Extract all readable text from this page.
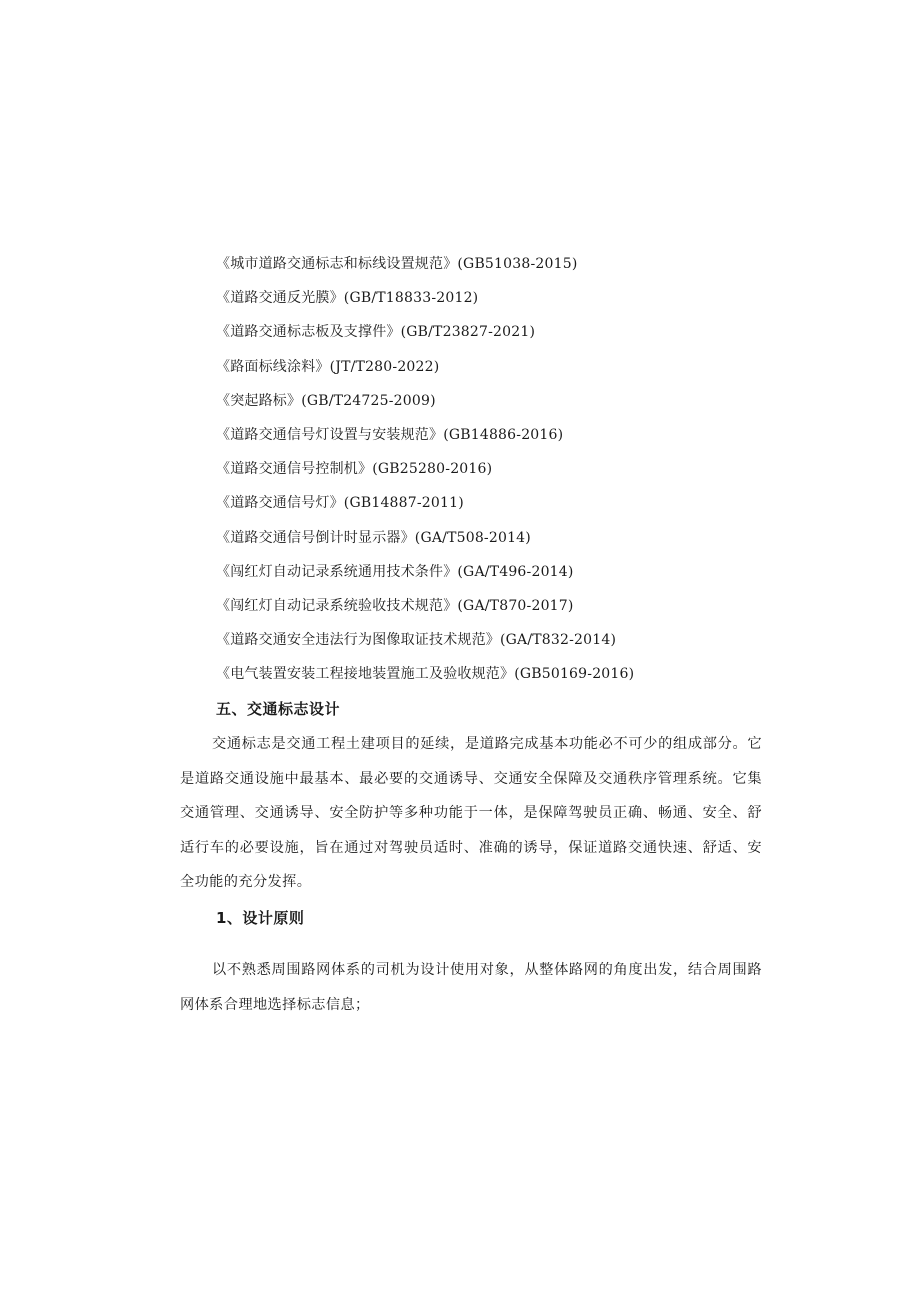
《城市道路交通标志和标线设置规范》(GB51038-2015)
《道路交通反光膜》(GB/T18833-2012)
《道路交通标志板及支撑件》(GB/T23827-2021)
《路面标线涂料》(JT/T280-2022)
《突起路标》(GB/T24725-2009)
《道路交通信号灯设置与安装规范》(GB14886-2016)
《道路交通信号控制机》(GB25280-2016)
《道路交通信号灯》(GB14887-2011)
《道路交通信号倒计时显示器》(GA/T508-2014)
《闯红灯自动记录系统通用技术条件》(GA/T496-2014)
《闯红灯自动记录系统验收技术规范》(GA/T870-2017)
《道路交通安全违法行为图像取证技术规范》(GA/T832-2014)
《电气装置安装工程接地装置施工及验收规范》(GB50169-2016)
五、交通标志设计

交通标志是交通工程土建项目的延续，是道路完成基本功能必不可少的组成部分。它是道路交通设施中最基本、最必要的交通诱导、交通安全保障及交通秩序管理系统。它集交通管理、交通诱导、安全防护等多种功能于一体，是保障驾驶员正确、畅通、安全、舒适行车的必要设施，旨在通过对驾驶员适时、准确的诱导，保证道路交通快速、舒适、安全功能的充分发挥。

1、设计原则

以不熟悉周围路网体系的司机为设计使用对象，从整体路网的角度出发，结合周围路网体系合理地选择标志信息；
